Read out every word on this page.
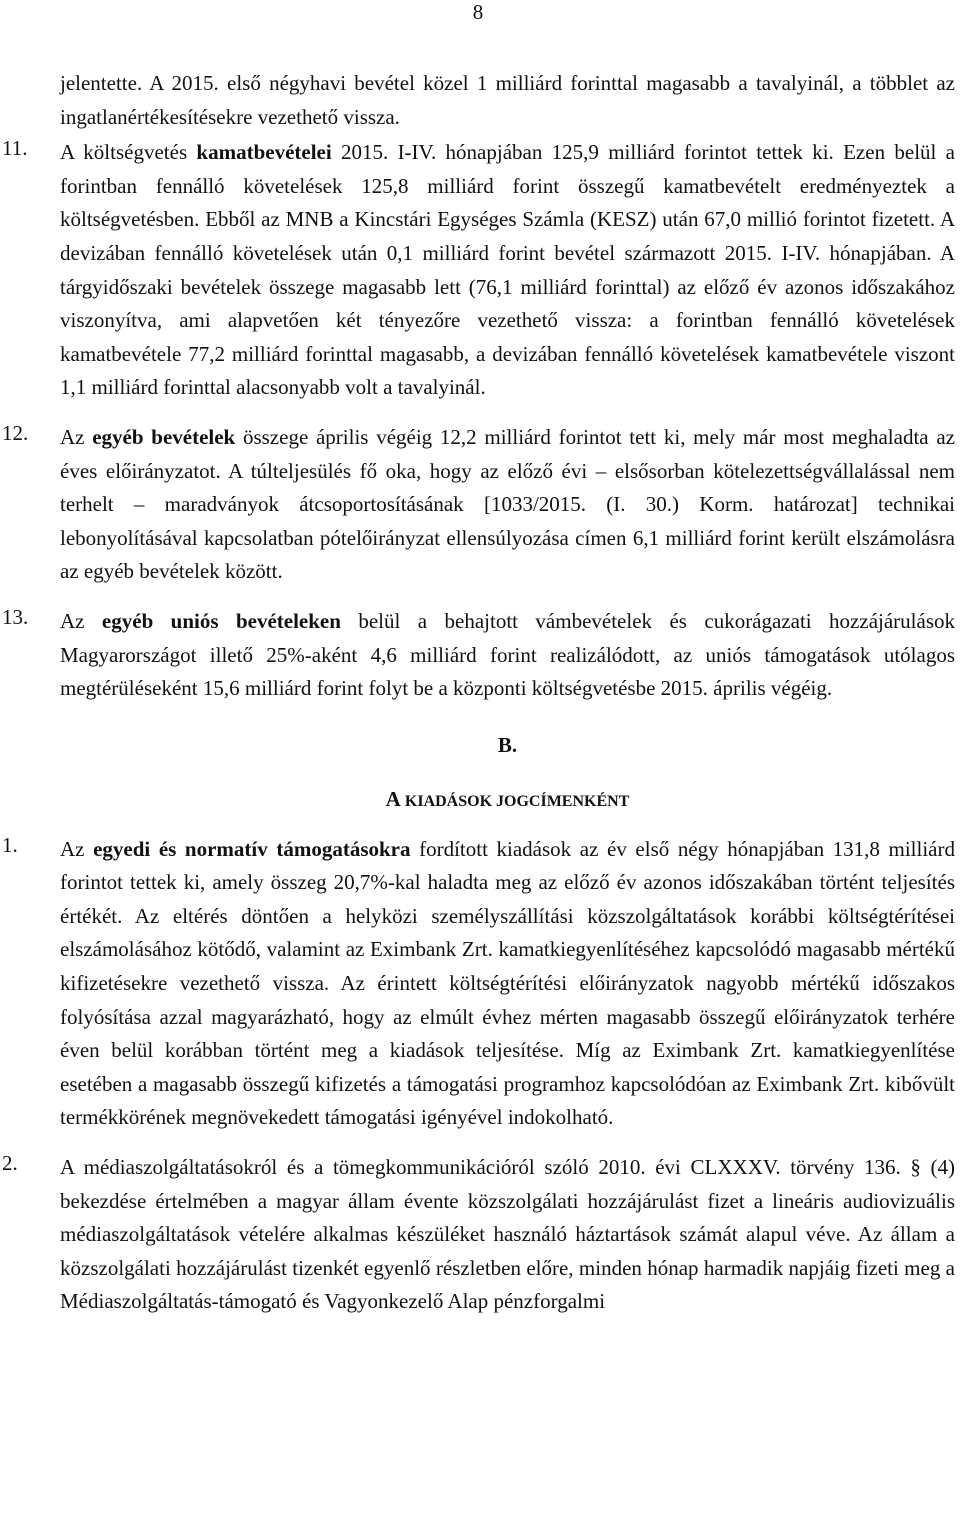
8

jelentette. A 2015. első négyhavi bevétel közel 1 milliárd forinttal magasabb a tavalyinál, a többlet az ingatlanértékesítésekre vezethető vissza.

11. A költségvetés kamatbevételei 2015. I-IV. hónapjában 125,9 milliárd forintot tettek ki. Ezen belül a forintban fennálló követelések 125,8 milliárd forint összegű kamatbevételt eredményeztek a költségvetésben. Ebből az MNB a Kincstári Egységes Számla (KESZ) után 67,0 millió forintot fizetett. A devizában fennálló követelések után 0,1 milliárd forint bevétel származott 2015. I-IV. hónapjában. A tárgyidőszaki bevételek összege magasabb lett (76,1 milliárd forinttal) az előző év azonos időszakához viszonyítva, ami alapvetően két tényezőre vezethető vissza: a forintban fennálló követelések kamatbevétele 77,2 milliárd forinttal magasabb, a devizában fennálló követelések kamatbevétele viszont 1,1 milliárd forinttal alacsonyabb volt a tavalyinál.

12. Az egyéb bevételek összege április végéig 12,2 milliárd forintot tett ki, mely már most meghaladta az éves előirányzatot. A túlteljesülés fő oka, hogy az előző évi – elsősorban kötelezettségvállalással nem terhelt – maradványok átcsoportosításának [1033/2015. (I. 30.) Korm. határozat] technikai lebonyolításával kapcsolatban pótelőirányzat ellensúlyozása címen 6,1 milliárd forint került elszámolásra az egyéb bevételek között.

13. Az egyéb uniós bevételeken belül a behajtott vámbevételek és cukorágazati hozzájárulások Magyarországot illető 25%-aként 4,6 milliárd forint realizálódott, az uniós támogatások utólagos megtérüléseként 15,6 milliárd forint folyt be a központi költségvetésbe 2015. április végéig.

B.
A KIADÁSOK JOGCÍMENKÉNT
1. Az egyedi és normatív támogatásokra fordított kiadások az év első négy hónapjában 131,8 milliárd forintot tettek ki, amely összeg 20,7%-kal haladta meg az előző év azonos időszakában történt teljesítés értékét. Az eltérés döntően a helyközi személyszállítási közszolgáltatások korábbi költségtérítései elszámolásához kötődő, valamint az Eximbank Zrt. kamatkiegyenlítéséhez kapcsolódó magasabb mértékű kifizetésekre vezethető vissza. Az érintett költségtérítési előirányzatok nagyobb mértékű időszakos folyósítása azzal magyarázható, hogy az elmúlt évhez mérten magasabb összegű előirányzatok terhére éven belül korábban történt meg a kiadások teljesítése. Míg az Eximbank Zrt. kamatkiegyenlítése esetében a magasabb összegű kifizetés a támogatási programhoz kapcsolódóan az Eximbank Zrt. kibővült termékkörének megnövekedett támogatási igényével indokolható.

2. A médiaszolgáltatásokról és a tömegkommunikációról szóló 2010. évi CLXXXV. törvény 136. § (4) bekezdése értelmében a magyar állam évente közszolgálati hozzájárulást fizet a lineáris audiovizuális médiaszolgáltatások vételére alkalmas készüléket használó háztartások számát alapul véve. Az állam a közszolgálati hozzájárulást tizenkét egyenlő részletben előre, minden hónap harmadik napjáig fizeti meg a Médiaszolgáltatás-támogató és Vagyonkezelő Alap pénzforgalmi
